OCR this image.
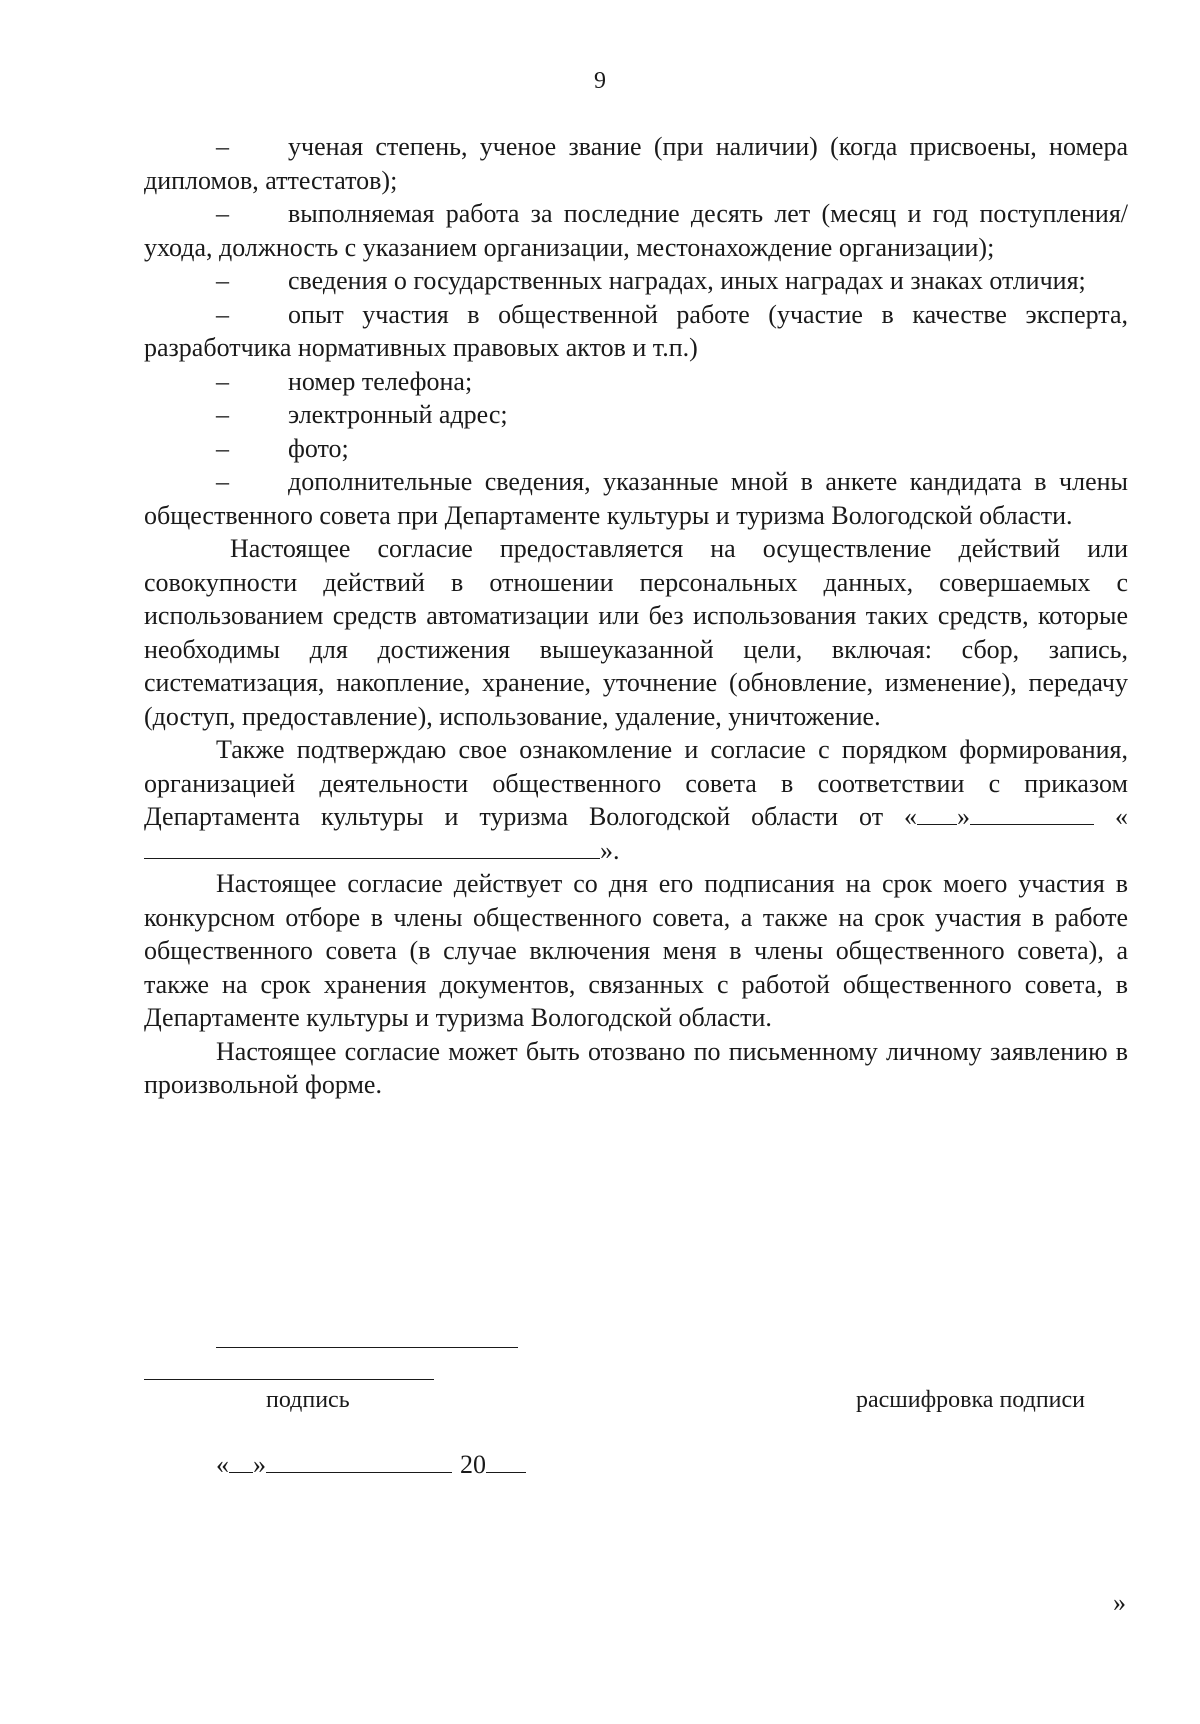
9

– ученая степень, ученое звание (при наличии) (когда присвоены, номера дипломов, аттестатов);

– выполняемая работа за последние десять лет (месяц и год поступления/ухода, должность с указанием организации, местонахождение организации);

– сведения о государственных наградах, иных наградах и знаках отличия;

– опыт участия в общественной работе (участие в качестве эксперта, разработчика нормативных правовых актов и т.п.)

– номер телефона;

– электронный адрес;

– фото;

– дополнительные сведения, указанные мной в анкете кандидата в члены общественного совета при Департаменте культуры и туризма Вологодской области.

Настоящее согласие предоставляется на осуществление действий или совокупности действий в отношении персональных данных, совершаемых с использованием средств автоматизации или без использования таких средств, которые необходимы для достижения вышеуказанной цели, включая: сбор, запись, систематизация, накопление, хранение, уточнение (обновление, изменение), передачу (доступ, предоставление), использование, удаление, уничтожение.

Также подтверждаю свое ознакомление и согласие с порядком формирования, организацией деятельности общественного совета в соответствии с приказом Департамента культуры и туризма Вологодской области от « »	«».

Настоящее согласие действует со дня его подписания на срок моего участия в конкурсном отборе в члены общественного совета, а также на срок участия в работе общественного совета (в случае включения меня в члены общественного совета), а также на срок хранения документов, связанных с работой общественного совета, в Департаменте культуры и туризма Вологодской области.

Настоящее согласие может быть отозвано по письменному личному заявлению в произвольной форме.

подпись	расшифровка подписи
« »	20
»
